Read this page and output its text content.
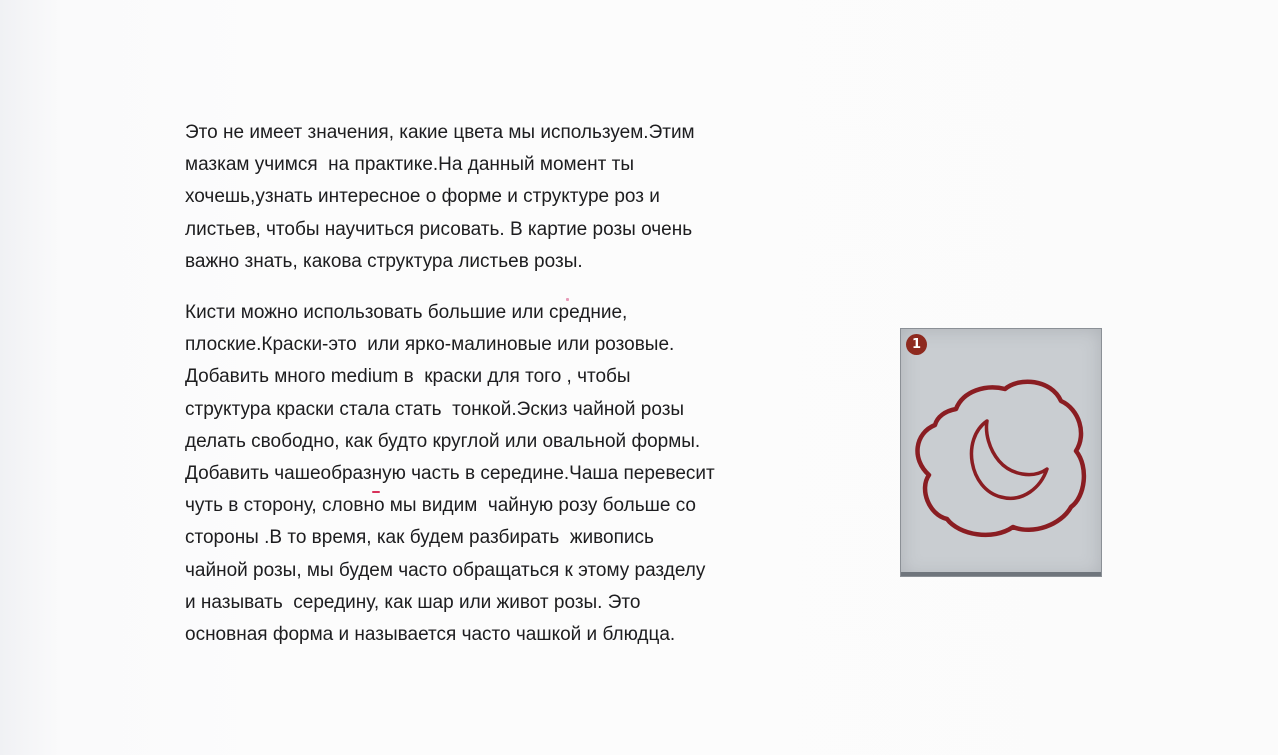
Это не имеет значения, какие цвета мы используем.Этим
мазкам учимся  на практике.На данный момент ты
хочешь,узнать интересное о форме и структуре роз и
листьев, чтобы научиться рисовать. В картие розы очень
важно знать, какова структура листьев розы.
Кисти можно использовать большие или средние,
плоские.Краски-это  или ярко-малиновые или розовые.
Добавить много medium в  краски для того , чтобы
структура краски стала стать  тонкой.Эскиз чайной розы
делать свободно, как будто круглой или овальной формы.
Добавить чашеобразную часть в середине.Чаша перевесит
чуть в сторону, словно мы видим  чайную розу больше со
стороны .В то время, как будем разбирать  живопись
чайной розы, мы будем часто обращаться к этому разделу
и называть  середину, как шар или живот розы. Это
основная форма и называется часто чашкой и блюдца.
1
